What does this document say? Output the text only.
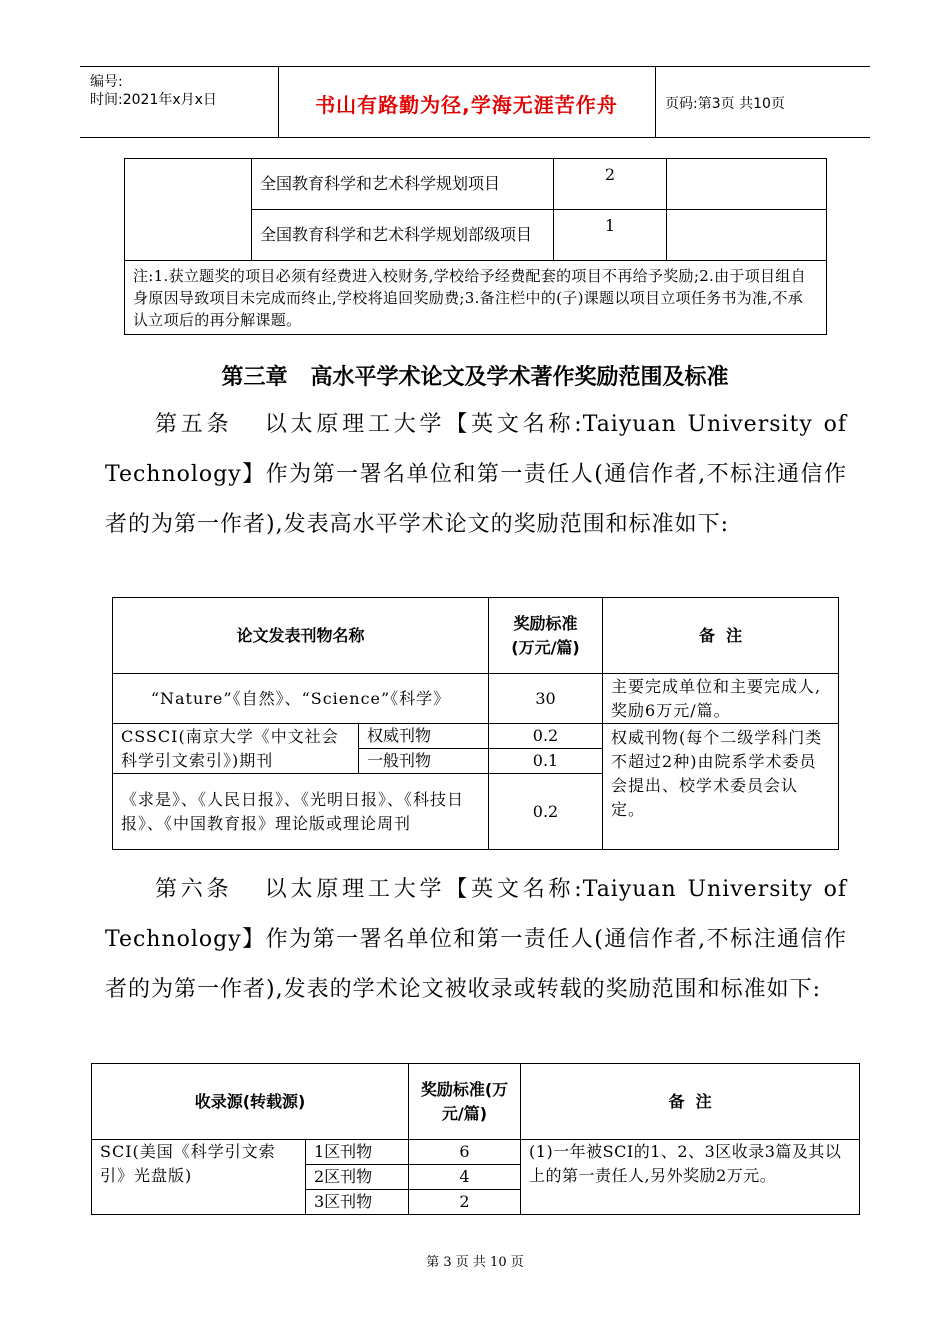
编号:
时间:2021年x月x日	书山有路勤为径,学海无涯苦作舟	页码:第3页 共10页
	全国教育科学和艺术科学规划项目	2	
	全国教育科学和艺术科学规划部级项目	1	
注:1.获立题奖的项目必须有经费进入校财务,学校给予经费配套的项目不再给予奖励;2.由于项目组自身原因导致项目未完成而终止,学校将追回奖励费;3.备注栏中的(子)课题以项目立项任务书为准,不承认立项后的再分解课题。			
第三章   高水平学术论文及学术著作奖励范围及标准
第五条   以太原理工大学【英文名称:Taiyuan University of Technology】作为第一署名单位和第一责任人(通信作者,不标注通信作者的为第一作者),发表高水平学术论文的奖励范围和标准如下:
论文发表刊物名称		奖励标准(万元/篇)	备  注
“Nature”《自然》、“Science”《科学》		30	主要完成单位和主要完成人,奖励6万元/篇。
CSSCI(南京大学《中文社会科学引文索引》)期刊	权威刊物	0.2	权威刊物(每个二级学科门类不超过2种)由院系学术委员会提出、校学术委员会认定。
	一般刊物	0.1	
《求是》、《人民日报》、《光明日报》、《科技日报》、《中国教育报》理论版或理论周刊		0.2	
第六条   以太原理工大学【英文名称:Taiyuan University of Technology】作为第一署名单位和第一责任人(通信作者,不标注通信作者的为第一作者),发表的学术论文被收录或转载的奖励范围和标准如下:
收录源(转载源)		奖励标准(万元/篇)	备  注
SCI(美国《科学引文索引》光盘版)	1区刊物	6	(1)一年被SCI的1、2、3区收录3篇及其以上的第一责任人,另外奖励2万元。
	2区刊物	4	
	3区刊物	2	
第 3 页 共 10 页
